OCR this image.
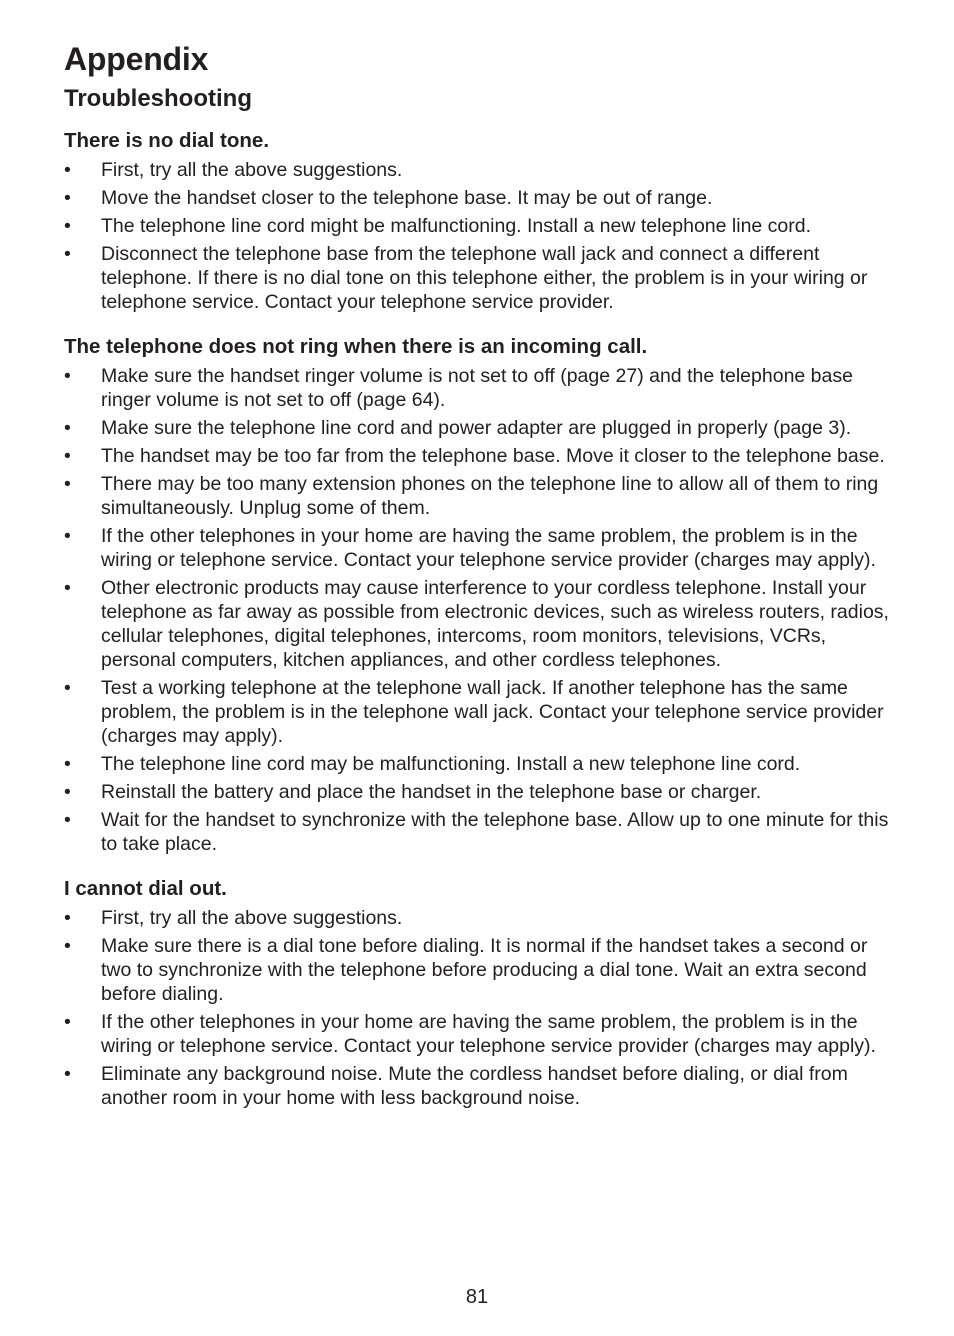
Appendix
Troubleshooting
There is no dial tone.
• First, try all the above suggestions.
• Move the handset closer to the telephone base. It may be out of range.
• The telephone line cord might be malfunctioning. Install a new telephone line cord.
• Disconnect the telephone base from the telephone wall jack and connect a different telephone. If there is no dial tone on this telephone either, the problem is in your wiring or telephone service. Contact your telephone service provider.
The telephone does not ring when there is an incoming call.
• Make sure the handset ringer volume is not set to off (page 27) and the telephone base ringer volume is not set to off (page 64).
• Make sure the telephone line cord and power adapter are plugged in properly (page 3).
• The handset may be too far from the telephone base. Move it closer to the telephone base.
• There may be too many extension phones on the telephone line to allow all of them to ring simultaneously. Unplug some of them.
• If the other telephones in your home are having the same problem, the problem is in the wiring or telephone service. Contact your telephone service provider (charges may apply).
• Other electronic products may cause interference to your cordless telephone. Install your telephone as far away as possible from electronic devices, such as wireless routers, radios, cellular telephones, digital telephones, intercoms, room monitors, televisions, VCRs, personal computers, kitchen appliances, and other cordless telephones.
• Test a working telephone at the telephone wall jack. If another telephone has the same problem, the problem is in the telephone wall jack. Contact your telephone service provider (charges may apply).
• The telephone line cord may be malfunctioning. Install a new telephone line cord.
• Reinstall the battery and place the handset in the telephone base or charger.
• Wait for the handset to synchronize with the telephone base. Allow up to one minute for this to take place.
I cannot dial out.
• First, try all the above suggestions.
• Make sure there is a dial tone before dialing. It is normal if the handset takes a second or two to synchronize with the telephone before producing a dial tone. Wait an extra second before dialing.
• If the other telephones in your home are having the same problem, the problem is in the wiring or telephone service. Contact your telephone service provider (charges may apply).
• Eliminate any background noise. Mute the cordless handset before dialing, or dial from another room in your home with less background noise.
81
